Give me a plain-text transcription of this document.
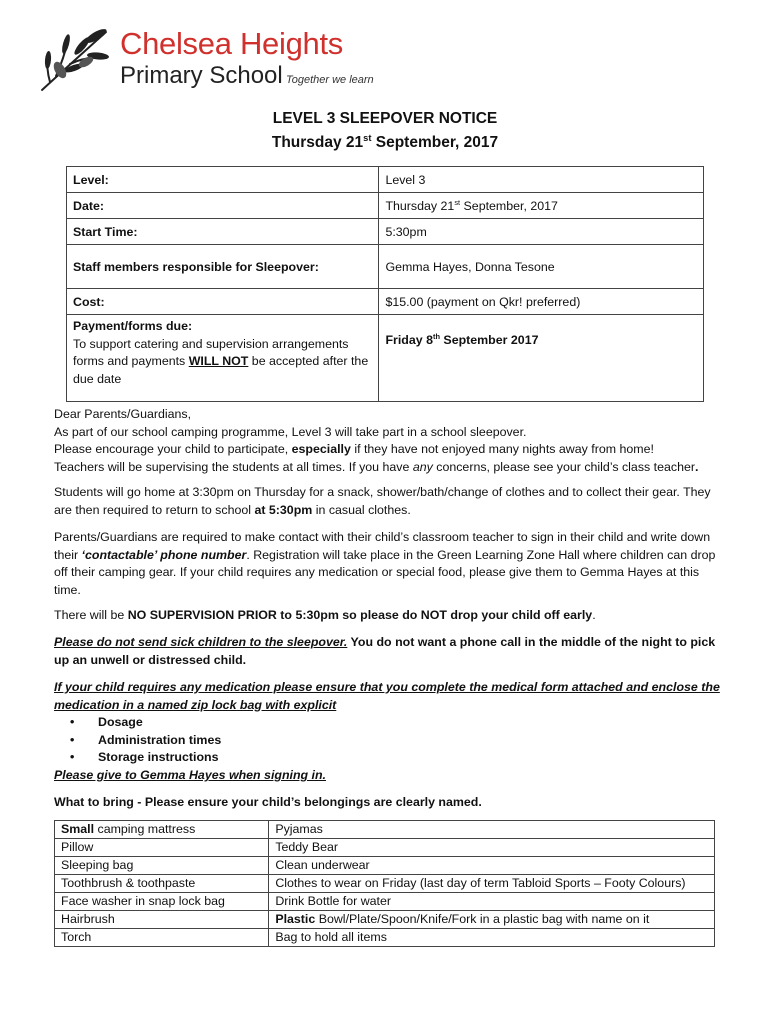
Chelsea Heights
Primary School Together we learn
LEVEL 3 SLEEPOVER NOTICE
Thursday 21st September, 2017
Level:	Level 3
Date:	Thursday 21st September, 2017
Start Time:	5:30pm
Staff members responsible for Sleepover:	Gemma Hayes, Donna Tesone
Cost:	$15.00 (payment on Qkr! preferred)
Payment/forms due:
To support catering and supervision arrangements forms and payments WILL NOT be accepted after the due date	Friday 8th September 2017
Dear Parents/Guardians,
As part of our school camping programme, Level 3 will take part in a school sleepover.
Please encourage your child to participate, especially if they have not enjoyed many nights away from home!
Teachers will be supervising the students at all times. If you have any concerns, please see your child’s class teacher.
Students will go home at 3:30pm on Thursday for a snack, shower/bath/change of clothes and to collect their gear. They are then required to return to school at 5:30pm in casual clothes.
Parents/Guardians are required to make contact with their child’s classroom teacher to sign in their child and write down their ‘contactable’ phone number. Registration will take place in the Green Learning Zone Hall where children can drop off their camping gear. If your child requires any medication or special food, please give them to Gemma Hayes at this time.
There will be NO SUPERVISION PRIOR to 5:30pm so please do NOT drop your child off early.
Please do not send sick children to the sleepover. You do not want a phone call in the middle of the night to pick up an unwell or distressed child.
If your child requires any medication please ensure that you complete the medical form attached and enclose the medication in a named zip lock bag with explicit
• Dosage
• Administration times
• Storage instructions
Please give to Gemma Hayes when signing in.
What to bring - Please ensure your child’s belongings are clearly named.
Small camping mattress	Pyjamas
Pillow	Teddy Bear
Sleeping bag	Clean underwear
Toothbrush & toothpaste	Clothes to wear on Friday (last day of term Tabloid Sports – Footy Colours)
Face washer in snap lock bag	Drink Bottle for water
Hairbrush	Plastic Bowl/Plate/Spoon/Knife/Fork in a plastic bag with name on it
Torch	Bag to hold all items
